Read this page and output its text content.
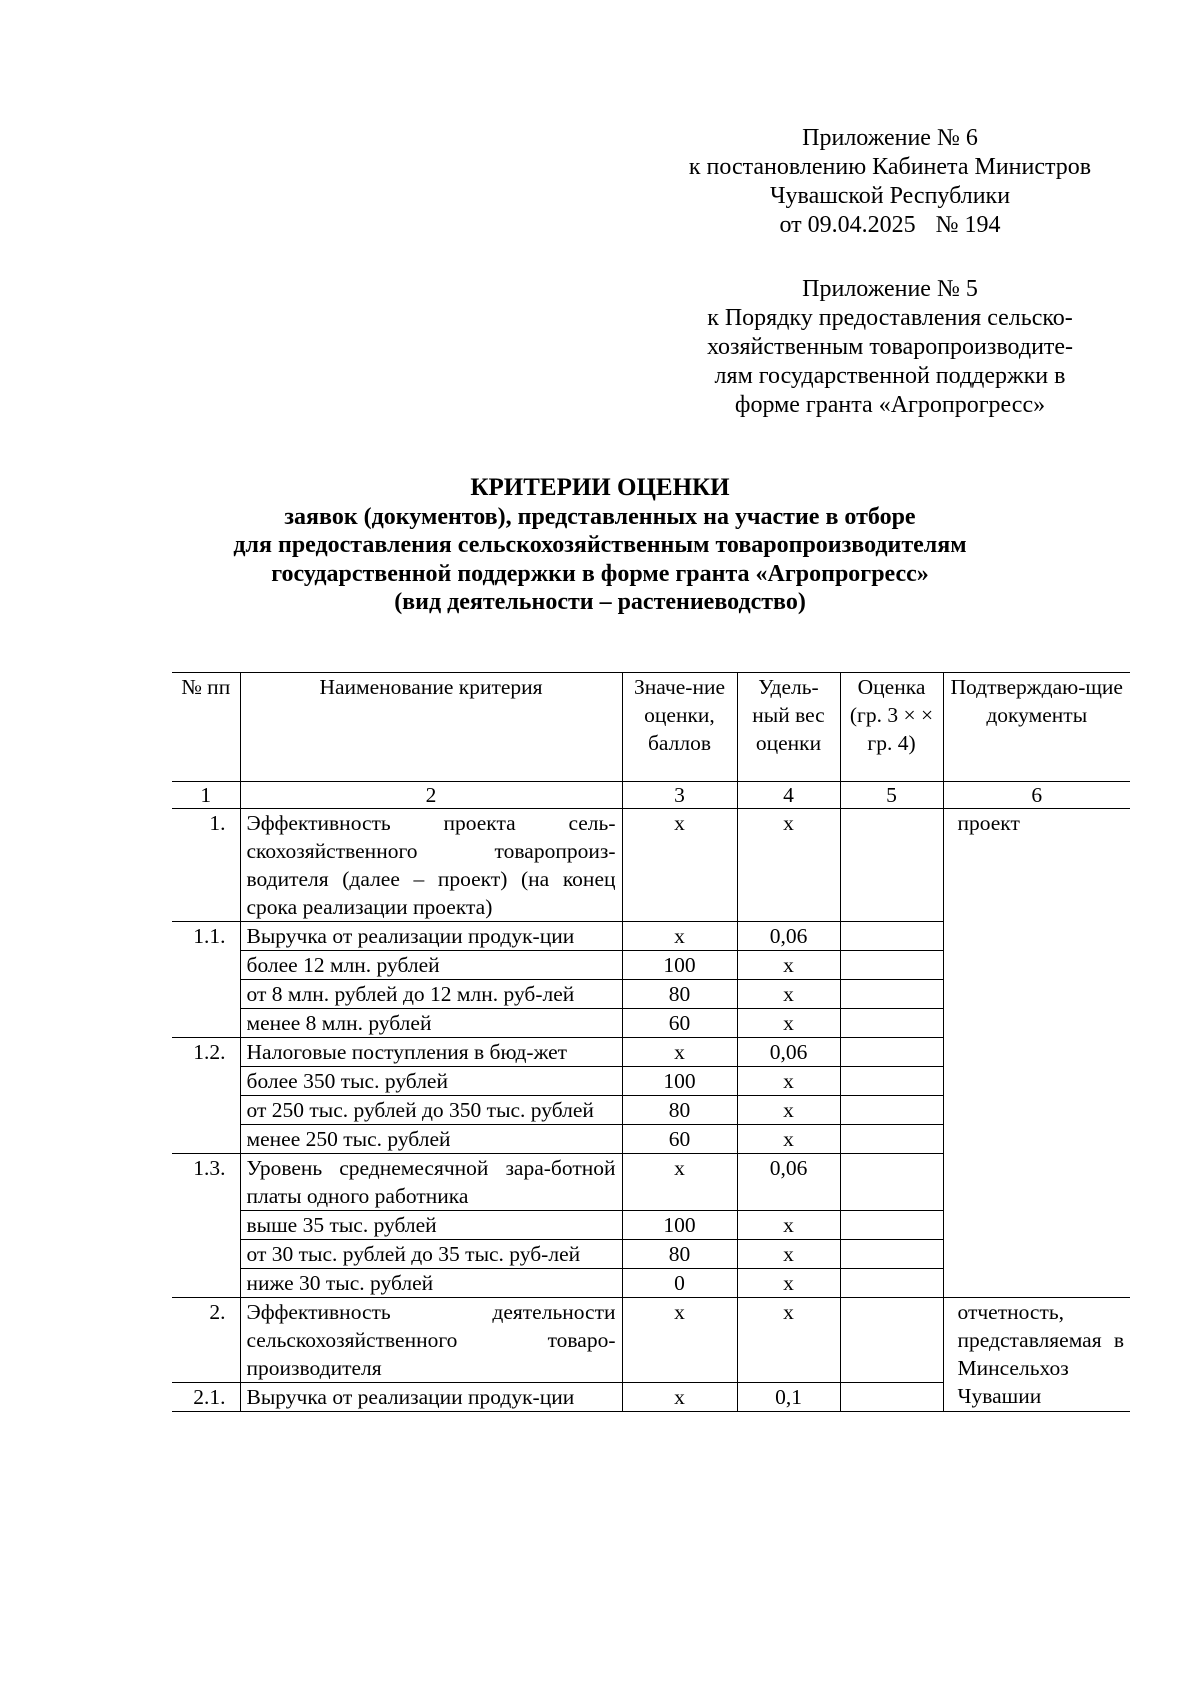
Приложение № 6
к постановлению Кабинета Министров
Чувашской Республики
от 09.04.2025 № 194
Приложение № 5
к Порядку предоставления сельско-
хозяйственным товаропроизводите-
лям государственной поддержки в
форме гранта «Агропрогресс»
КРИТЕРИИ ОЦЕНКИ
заявок (документов), представленных на участие в отборе
для предоставления сельскохозяйственным товаропроизводителям
государственной поддержки в форме гранта «Агропрогресс»
(вид деятельности – растениеводство)
№ пп	Наименование критерия	Значе-ние оценки, баллов	Удель-ный вес оценки	Оценка (гр. 3 × × гр. 4)	Подтверждаю-щие документы
1	2	3	4	5	6
1.	Эффективность проекта сель-скохозяйственного товаропроиз-водителя (далее – проект) (на конец срока реализации проекта)	х	х		проект
1.1.	Выручка от реализации продук-ции	х	0,06		
	более 12 млн. рублей	100	х		
	от 8 млн. рублей до 12 млн. руб-лей	80	х		
	менее 8 млн. рублей	60	х		
1.2.	Налоговые поступления в бюд-жет	х	0,06		
	более 350 тыс. рублей	100	х		
	от 250 тыс. рублей до 350 тыс. рублей	80	х		
	менее 250 тыс. рублей	60	х		
1.3.	Уровень среднемесячной зара-ботной платы одного работника	х	0,06		
	выше 35 тыс. рублей	100	х		
	от 30 тыс. рублей до 35 тыс. руб-лей	80	х		
	ниже 30 тыс. рублей	0	х		
2.	Эффективность деятельности сельскохозяйственного товаро-производителя	х	х		отчетность, представляемая в Минсельхоз Чувашии
2.1.	Выручка от реализации продук-ции	х	0,1		
